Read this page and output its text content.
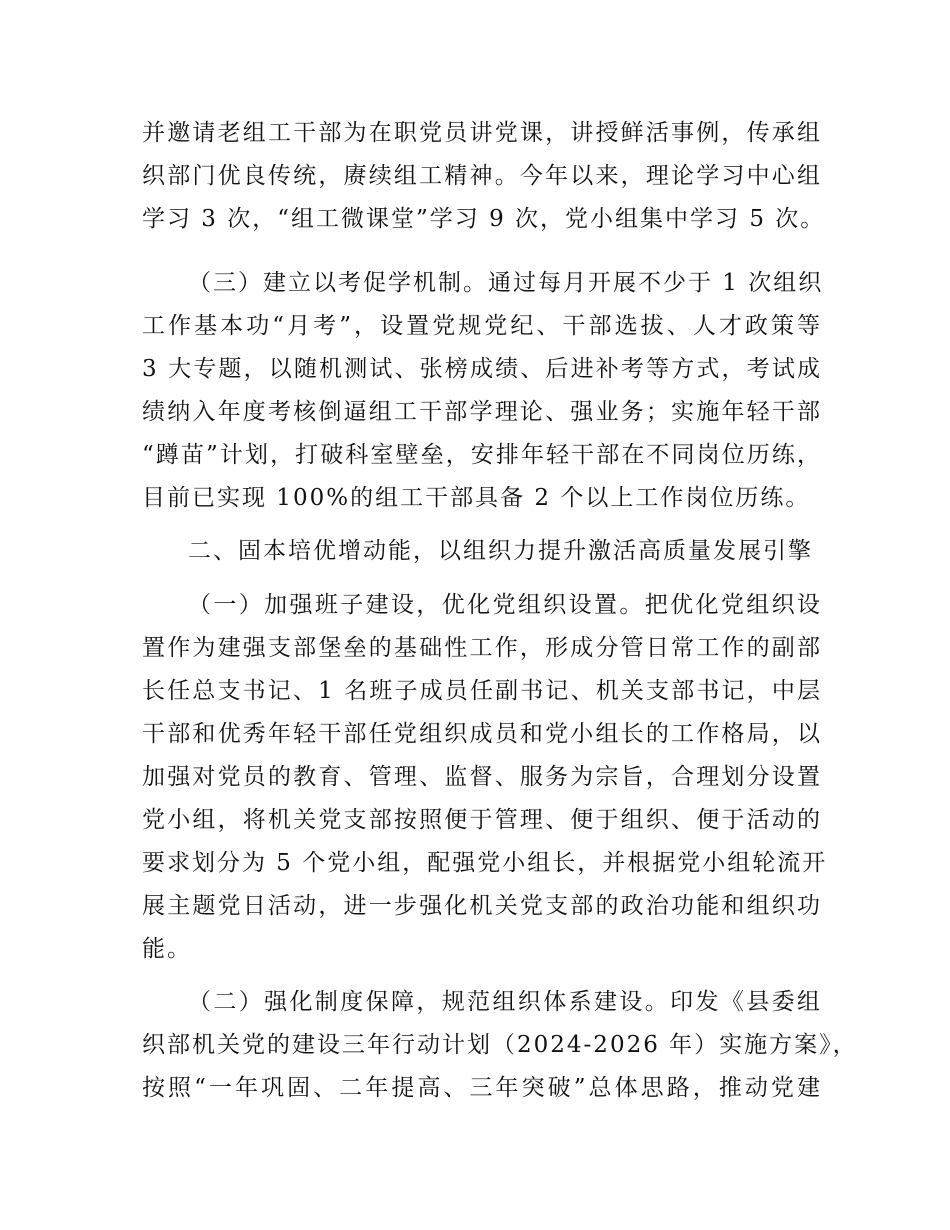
并邀请老组工干部为在职党员讲党课，讲授鲜活事例，传承组
织部门优良传统，赓续组工精神。今年以来，理论学习中心组
学习 3 次，“组工微课堂”学习 9 次，党小组集中学习 5 次。
（三）建立以考促学机制。通过每月开展不少于 1 次组织
工作基本功“月考”，设置党规党纪、干部选拔、人才政策等
3 大专题，以随机测试、张榜成绩、后进补考等方式，考试成
绩纳入年度考核倒逼组工干部学理论、强业务；实施年轻干部
“蹲苗”计划，打破科室壁垒，安排年轻干部在不同岗位历练，
目前已实现 100%的组工干部具备 2 个以上工作岗位历练。
二、固本培优增动能，以组织力提升激活高质量发展引擎
（一）加强班子建设，优化党组织设置。把优化党组织设
置作为建强支部堡垒的基础性工作，形成分管日常工作的副部
长任总支书记、1 名班子成员任副书记、机关支部书记，中层
干部和优秀年轻干部任党组织成员和党小组长的工作格局，以
加强对党员的教育、管理、监督、服务为宗旨，合理划分设置
党小组，将机关党支部按照便于管理、便于组织、便于活动的
要求划分为 5 个党小组，配强党小组长，并根据党小组轮流开
展主题党日活动，进一步强化机关党支部的政治功能和组织功
能。
（二）强化制度保障，规范组织体系建设。印发《县委组
织部机关党的建设三年行动计划（2024-2026 年）实施方案》，
按照“一年巩固、二年提高、三年突破”总体思路，推动党建
